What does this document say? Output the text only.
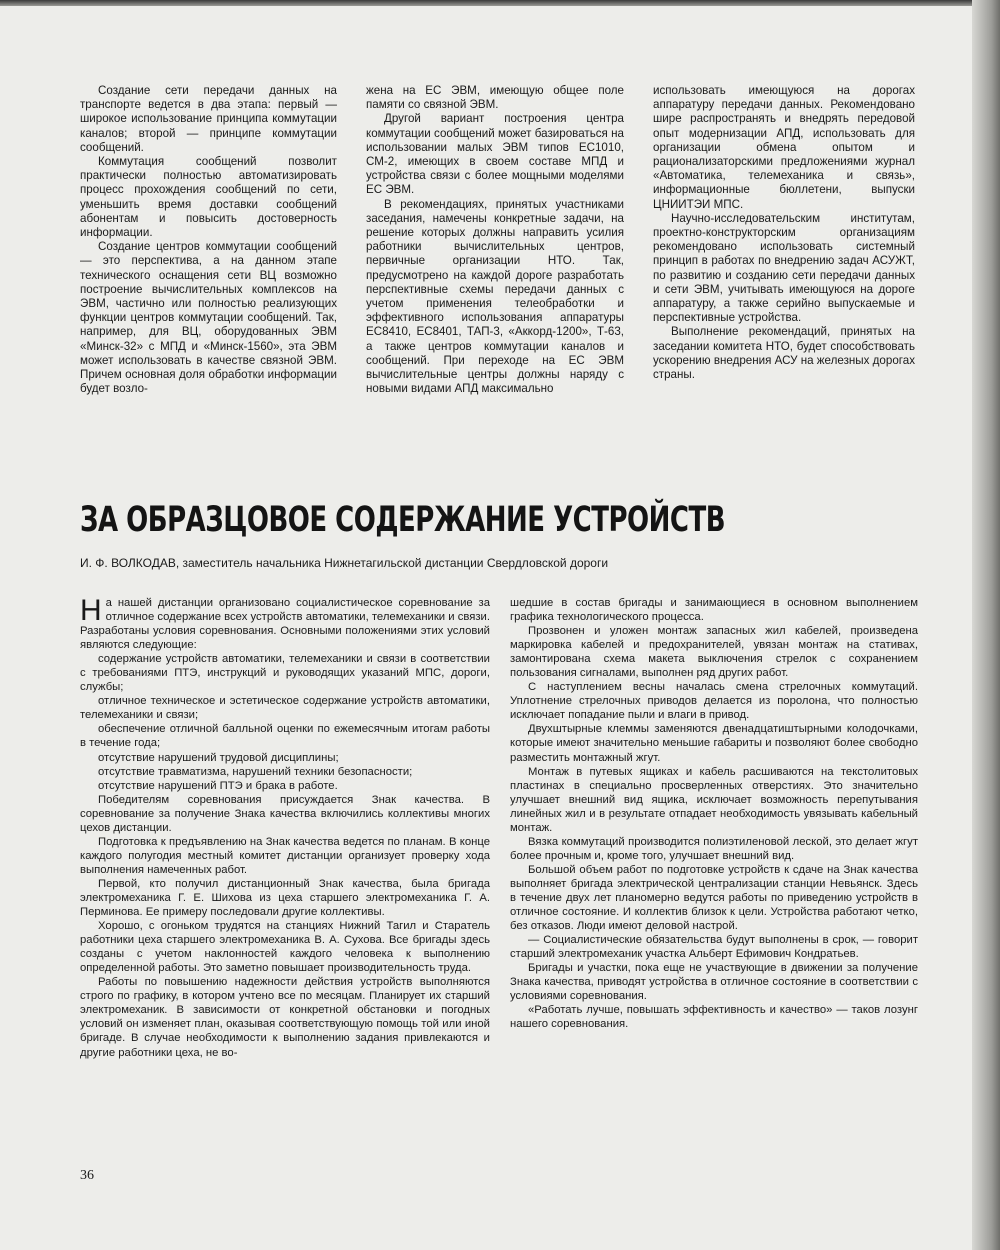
Создание сети передачи данных на транспорте ведется в два этапа: первый — широкое использование принципа коммутации каналов; второй — принципе коммутации сообщений.

Коммутация сообщений позволит практически полностью автоматизировать процесс прохождения сообщений по сети, уменьшить время доставки сообщений абонентам и повысить достоверность информации.

Создание центров коммутации сообщений — это перспектива, а на данном этапе технического оснащения сети ВЦ возможно построение вычислительных комплексов на ЭВМ, частично или полностью реализующих функции центров коммутации сообщений. Так, например, для ВЦ, оборудованных ЭВМ «Минск-32» с МПД и «Минск-1560», эта ЭВМ может использовать в качестве связной ЭВМ. Причем основная доля обработки информации будет возло-

жена на ЕС ЭВМ, имеющую общее поле памяти со связной ЭВМ.

Другой вариант построения центра коммутации сообщений может базироваться на использовании малых ЭВМ типов ЕС1010, СМ-2, имеющих в своем составе МПД и устройства связи с более мощными моделями ЕС ЭВМ.

В рекомендациях, принятых участниками заседания, намечены конкретные задачи, на решение которых должны направить усилия работники вычислительных центров, первичные организации НТО. Так, предусмотрено на каждой дороге разработать перспективные схемы передачи данных с учетом применения телеобработки и эффективного использования аппаратуры ЕС8410, ЕС8401, ТАП-3, «Аккорд-1200», Т-63, а также центров коммутации каналов и сообщений. При переходе на ЕС ЭВМ вычислительные центры должны наряду с новыми видами АПД максимально

использовать имеющуюся на дорогах аппаратуру передачи данных. Рекомендовано шире распространять и внедрять передовой опыт модернизации АПД, использовать для организации обмена опытом и рационализаторскими предложениями журнал «Автоматика, телемеханика и связь», информационные бюллетени, выпуски ЦНИИТЭИ МПС.

Научно-исследовательским институтам, проектно-конструкторским организациям рекомендовано использовать системный принцип в работах по внедрению задач АСУЖТ, по развитию и созданию сети передачи данных и сети ЭВМ, учитывать имеющуюся на дороге аппаратуру, а также серийно выпускаемые и перспективные устройства.

Выполнение рекомендаций, принятых на заседании комитета НТО, будет способствовать ускорению внедрения АСУ на железных дорогах страны.

ЗА ОБРАЗЦОВОЕ СОДЕРЖАНИЕ УСТРОЙСТВ

И. Ф. ВОЛКОДАВ, заместитель начальника Нижнетагильской дистанции Свердловской дороги

На нашей дистанции организовано социалистическое соревнование за отличное содержание всех устройств автоматики, телемеханики и связи. Разработаны условия соревнования. Основными положениями этих условий являются следующие:

содержание устройств автоматики, телемеханики и связи в соответствии с требованиями ПТЭ, инструкций и руководящих указаний МПС, дороги, службы;

отличное техническое и эстетическое содержание устройств автоматики, телемеханики и связи;

обеспечение отличной балльной оценки по ежемесячным итогам работы в течение года;

отсутствие нарушений трудовой дисциплины;

отсутствие травматизма, нарушений техники безопасности;

отсутствие нарушений ПТЭ и брака в работе.

Победителям соревнования присуждается Знак качества. В соревнование за получение Знака качества включились коллективы многих цехов дистанции.

Подготовка к предъявлению на Знак качества ведется по планам. В конце каждого полугодия местный комитет дистанции организует проверку хода выполнения намеченных работ.

Первой, кто получил дистанционный Знак качества, была бригада электромеханика Г. Е. Шихова из цеха старшего электромеханика Г. А. Перминова. Ее примеру последовали другие коллективы.

Хорошо, с огоньком трудятся на станциях Нижний Тагил и Старатель работники цеха старшего электромеханика В. А. Сухова. Все бригады здесь созданы с учетом наклонностей каждого человека к выполнению определенной работы. Это заметно повышает производительность труда.

Работы по повышению надежности действия устройств выполняются строго по графику, в котором учтено все по месяцам. Планирует их старший электромеханик. В зависимости от конкретной обстановки и погодных условий он изменяет план, оказывая соответствующую помощь той или иной бригаде. В случае необходимости к выполнению задания привлекаются и другие работники цеха, не во-

шедшие в состав бригады и занимающиеся в основном выполнением графика технологического процесса.

Прозвонен и уложен монтаж запасных жил кабелей, произведена маркировка кабелей и предохранителей, увязан монтаж на стативах, замонтирована схема макета выключения стрелок с сохранением пользования сигналами, выполнен ряд других работ.

С наступлением весны началась смена стрелочных коммутаций. Уплотнение стрелочных приводов делается из поролона, что полностью исключает попадание пыли и влаги в привод.

Двухштырные клеммы заменяются двенадцатиштырными колодочками, которые имеют значительно меньшие габариты и позволяют более свободно разместить монтажный жгут.

Монтаж в путевых ящиках и кабель расшиваются на текстолитовых пластинах в специально просверленных отверстиях. Это значительно улучшает внешний вид ящика, исключает возможность перепутывания линейных жил и в результате отпадает необходимость увязывать кабельный монтаж.

Вязка коммутаций производится полиэтиленовой леской, это делает жгут более прочным и, кроме того, улучшает внешний вид.

Большой объем работ по подготовке устройств к сдаче на Знак качества выполняет бригада электрической централизации станции Невьянск. Здесь в течение двух лет планомерно ведутся работы по приведению устройств в отличное состояние. И коллектив близок к цели. Устройства работают четко, без отказов. Люди имеют деловой настрой.

— Социалистические обязательства будут выполнены в срок, — говорит старший электромеханик участка Альберт Ефимович Кондратьев.

Бригады и участки, пока еще не участвующие в движении за получение Знака качества, приводят устройства в отличное состояние в соответствии с условиями соревнования.

«Работать лучше, повышать эффективность и качество» — таков лозунг нашего соревнования.

36
